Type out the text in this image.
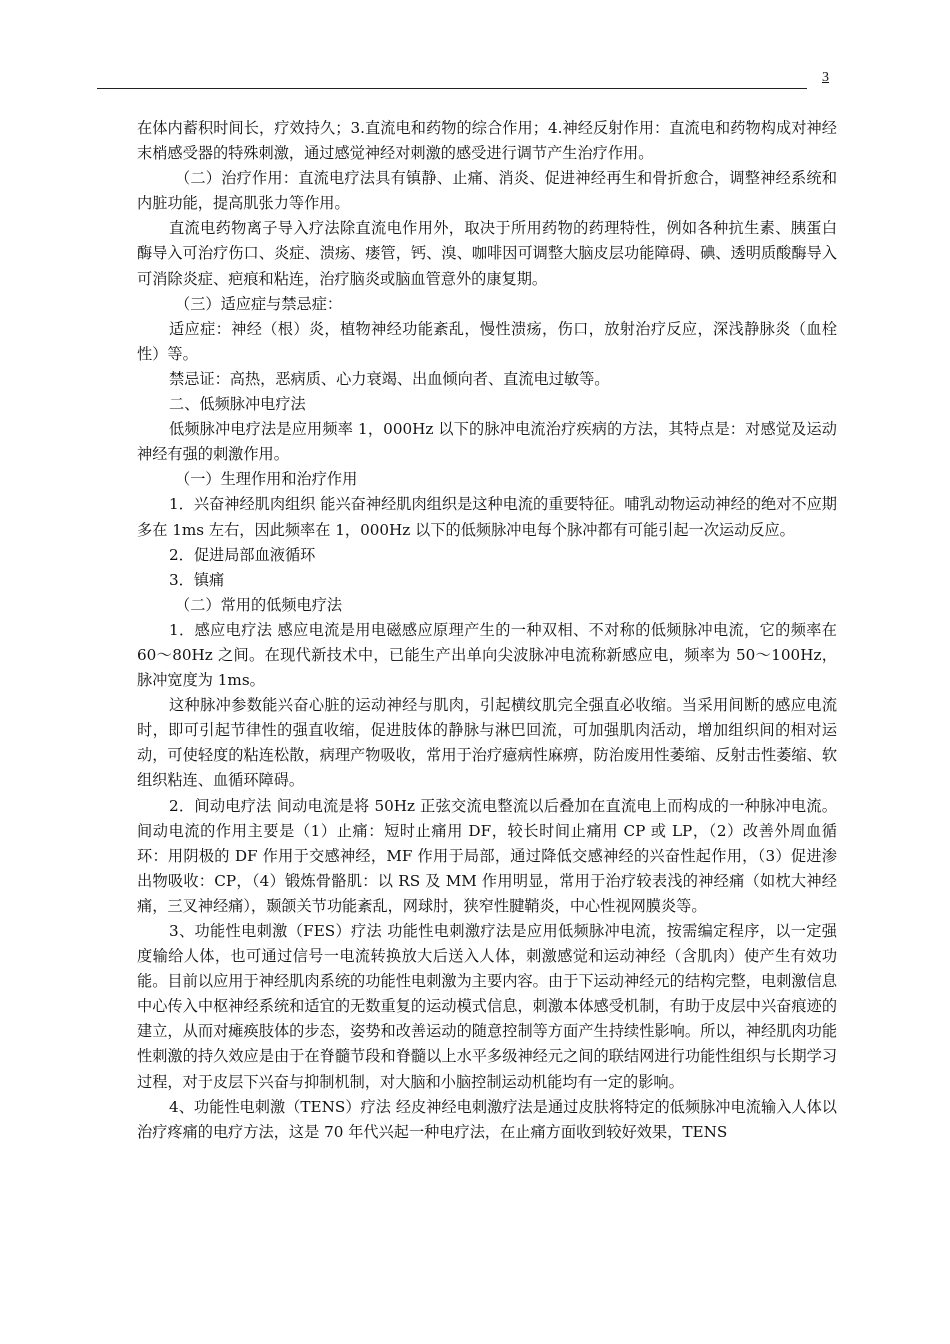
3

在体内蓄积时间长，疗效持久；3.直流电和药物的综合作用；4.神经反射作用：直流电和药物构成对神经末梢感受器的特殊刺激，通过感觉神经对刺激的感受进行调节产生治疗作用。

（二）治疗作用：直流电疗法具有镇静、止痛、消炎、促进神经再生和骨折愈合，调整神经系统和内脏功能，提高肌张力等作用。

直流电药物离子导入疗法除直流电作用外，取决于所用药物的药理特性，例如各种抗生素、胰蛋白酶导入可治疗伤口、炎症、溃疡、瘘管，钙、溴、咖啡因可调整大脑皮层功能障碍、碘、透明质酸酶导入可消除炎症、疤痕和粘连，治疗脑炎或脑血管意外的康复期。

（三）适应症与禁忌症：

适应症：神经（根）炎，植物神经功能紊乱，慢性溃疡，伤口，放射治疗反应，深浅静脉炎（血栓性）等。

禁忌证：高热，恶病质、心力衰竭、出血倾向者、直流电过敏等。

二、低频脉冲电疗法

低频脉冲电疗法是应用频率 1，000Hz 以下的脉冲电流治疗疾病的方法，其特点是：对感觉及运动神经有强的刺激作用。

（一）生理作用和治疗作用

1．兴奋神经肌肉组织 能兴奋神经肌肉组织是这种电流的重要特征。哺乳动物运动神经的绝对不应期多在 1ms 左右，因此频率在 1，000Hz 以下的低频脉冲电每个脉冲都有可能引起一次运动反应。

2．促进局部血液循环

3．镇痛

（二）常用的低频电疗法

1．感应电疗法 感应电流是用电磁感应原理产生的一种双相、不对称的低频脉冲电流，它的频率在 60～80Hz 之间。在现代新技术中，已能生产出单向尖波脉冲电流称新感应电，频率为 50～100Hz，脉冲宽度为 1ms。

这种脉冲参数能兴奋心脏的运动神经与肌肉，引起横纹肌完全强直必收缩。当采用间断的感应电流时，即可引起节律性的强直收缩，促进肢体的静脉与淋巴回流，可加强肌肉活动，增加组织间的相对运动，可使轻度的粘连松散，病理产物吸收，常用于治疗癔病性麻痹，防治废用性萎缩、反射击性萎缩、软组织粘连、血循环障碍。

2．间动电疗法 间动电流是将 50Hz 正弦交流电整流以后叠加在直流电上而构成的一种脉冲电流。间动电流的作用主要是（1）止痛：短时止痛用 DF，较长时间止痛用 CP 或 LP，（2）改善外周血循环：用阴极的 DF 作用于交感神经，MF 作用于局部，通过降低交感神经的兴奋性起作用，（3）促进渗出物吸收：CP，（4）锻炼骨骼肌：以 RS 及 MM 作用明显，常用于治疗较表浅的神经痛（如枕大神经痛，三叉神经痛），颞颌关节功能紊乱，网球肘，狭窄性腱鞘炎，中心性视网膜炎等。

3、功能性电刺激（FES）疗法 功能性电刺激疗法是应用低频脉冲电流，按需编定程序，以一定强度输给人体，也可通过信号一电流转换放大后送入人体，刺激感觉和运动神经（含肌肉）使产生有效功能。目前以应用于神经肌肉系统的功能性电刺激为主要内容。由于下运动神经元的结构完整，电刺激信息中心传入中枢神经系统和适宜的无数重复的运动模式信息，刺激本体感受机制，有助于皮层中兴奋痕迹的建立，从而对瘫痪肢体的步态，姿势和改善运动的随意控制等方面产生持续性影响。所以，神经肌肉功能性刺激的持久效应是由于在脊髓节段和脊髓以上水平多级神经元之间的联结网进行功能性组织与长期学习过程，对于皮层下兴奋与抑制机制，对大脑和小脑控制运动机能均有一定的影响。

4、功能性电刺激（TENS）疗法 经皮神经电刺激疗法是通过皮肤将特定的低频脉冲电流输入人体以治疗疼痛的电疗方法，这是 70 年代兴起一种电疗法，在止痛方面收到较好效果，TENS
